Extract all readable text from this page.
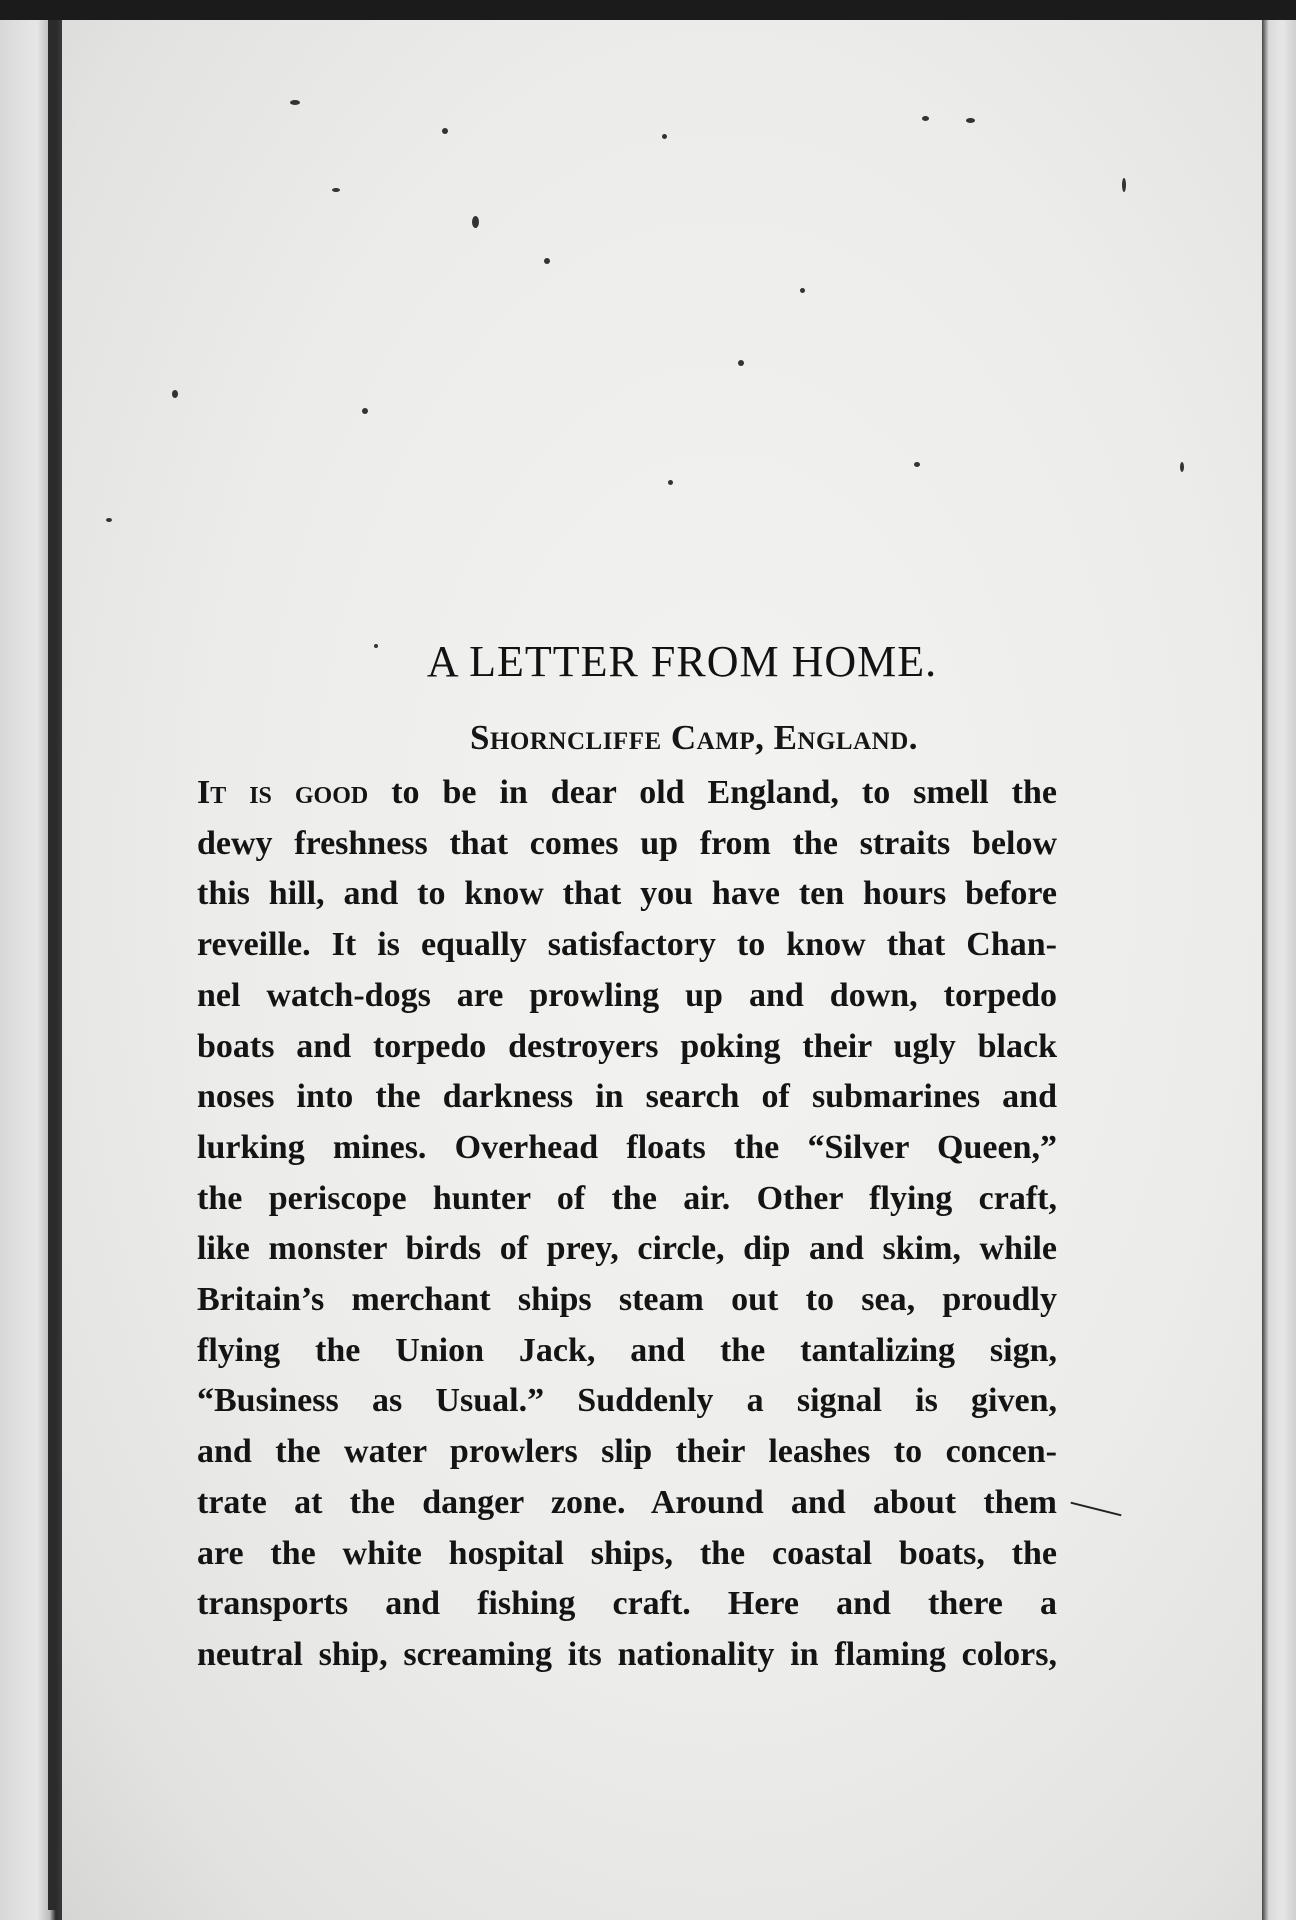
A LETTER FROM HOME.
Shorncliffe Camp, England.
It is good to be in dear old England, to smell the
dewy freshness that comes up from the straits below
this hill, and to know that you have ten hours before
reveille. It is equally satisfactory to know that Chan-
nel watch-dogs are prowling up and down, torpedo
boats and torpedo destroyers poking their ugly black
noses into the darkness in search of submarines and
lurking mines. Overhead floats the “Silver Queen,”
the periscope hunter of the air. Other flying craft,
like monster birds of prey, circle, dip and skim, while
Britain’s merchant ships steam out to sea, proudly
flying the Union Jack, and the tantalizing sign,
“Business as Usual.” Suddenly a signal is given,
and the water prowlers slip their leashes to concen-
trate at the danger zone. Around and about them
are the white hospital ships, the coastal boats, the
transports and fishing craft. Here and there a
neutral ship, screaming its nationality in flaming colors,
